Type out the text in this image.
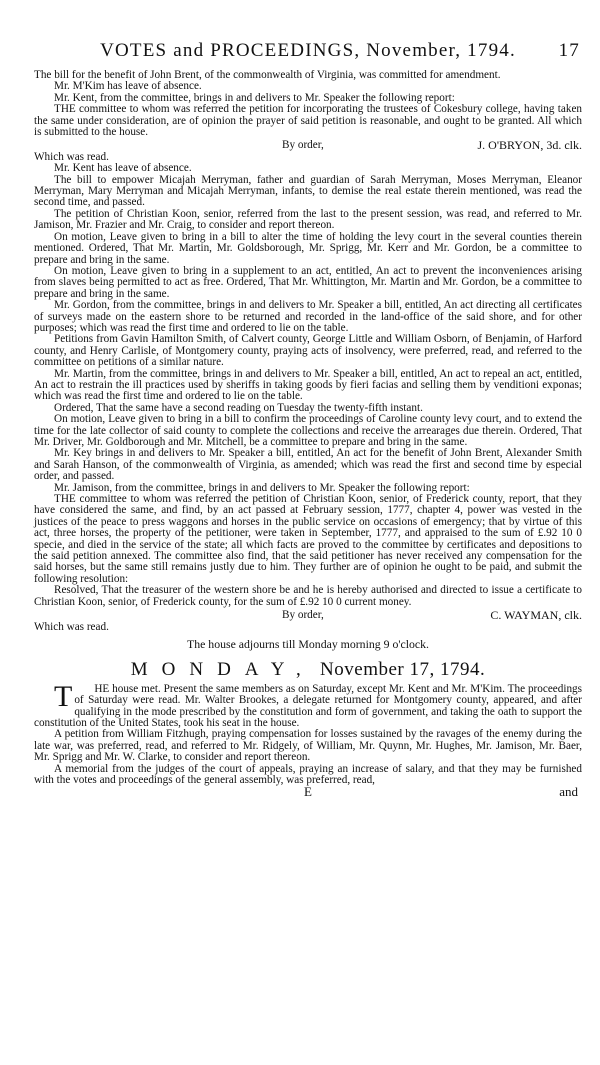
VOTES and PROCEEDINGS, November, 1794. 17

The bill for the benefit of John Brent, of the commonwealth of Virginia, was committed for amendment.

Mr. M'Kim has leave of absence.

Mr. Kent, from the committee, brings in and delivers to Mr. Speaker the following report:

THE committee to whom was referred the petition for incorporating the trustees of Cokesbury college, having taken the same under consideration, are of opinion the prayer of said petition is reasonable, and ought to be granted. All which is submitted to the house.

By order,	J. O'BRYON, 3d. clk.

Which was read.

Mr. Kent has leave of absence.

The bill to empower Micajah Merryman, father and guardian of Sarah Merryman, Moses Merryman, Eleanor Merryman, Mary Merryman and Micajah Merryman, infants, to demise the real estate therein mentioned, was read the second time, and passed.

The petition of Christian Koon, senior, referred from the last to the present session, was read, and referred to Mr. Jamison, Mr. Frazier and Mr. Craig, to consider and report thereon.

On motion, Leave given to bring in a bill to alter the time of holding the levy court in the several counties therein mentioned. Ordered, That Mr. Martin, Mr. Goldsborough, Mr. Sprigg, Mr. Kerr and Mr. Gordon, be a committee to prepare and bring in the same.

On motion, Leave given to bring in a supplement to an act, entitled, An act to prevent the inconveniences arising from slaves being permitted to act as free. Ordered, That Mr. Whittington, Mr. Martin and Mr. Gordon, be a committee to prepare and bring in the same.

Mr. Gordon, from the committee, brings in and delivers to Mr. Speaker a bill, entitled, An act directing all certificates of surveys made on the eastern shore to be returned and recorded in the land-office of the said shore, and for other purposes; which was read the first time and ordered to lie on the table.

Petitions from Gavin Hamilton Smith, of Calvert county, George Little and William Osborn, of Benjamin, of Harford county, and Henry Carlisle, of Montgomery county, praying acts of insolvency, were preferred, read, and referred to the committee on petitions of a similar nature.

Mr. Martin, from the committee, brings in and delivers to Mr. Speaker a bill, entitled, An act to repeal an act, entitled, An act to restrain the ill practices used by sheriffs in taking goods by fieri facias and selling them by venditioni exponas; which was read the first time and ordered to lie on the table.

Ordered, That the same have a second reading on Tuesday the twenty-fifth instant.

On motion, Leave given to bring in a bill to confirm the proceedings of Caroline county levy court, and to extend the time for the late collector of said county to complete the collections and receive the arrearages due therein. Ordered, That Mr. Driver, Mr. Goldborough and Mr. Mitchell, be a committee to prepare and bring in the same.

Mr. Key brings in and delivers to Mr. Speaker a bill, entitled, An act for the benefit of John Brent, Alexander Smith and Sarah Hanson, of the commonwealth of Virginia, as amended; which was read the first and second time by especial order, and passed.

Mr. Jamison, from the committee, brings in and delivers to Mr. Speaker the following report:

THE committee to whom was referred the petition of Christian Koon, senior, of Frederick county, report, that they have considered the same, and find, by an act passed at February session, 1777, chapter 4, power was vested in the justices of the peace to press waggons and horses in the public service on occasions of emergency; that by virtue of this act, three horses, the property of the petitioner, were taken in September, 1777, and appraised to the sum of £.92 10 0 specie, and died in the service of the state; all which facts are proved to the committee by certificates and depositions to the said petition annexed. The committee also find, that the said petitioner has never received any compensation for the said horses, but the same still remains justly due to him. They further are of opinion he ought to be paid, and submit the following resolution:

Resolved, That the treasurer of the western shore be and he is hereby authorised and directed to issue a certificate to Christian Koon, senior, of Frederick county, for the sum of £.92 10 0 current money.

By order,	C. WAYMAN, clk.

Which was read.

The house adjourns till Monday morning 9 o'clock.
MONDAY, November 17, 1794.

T HE house met. Present the same members as on Saturday, except Mr. Kent and Mr. M'Kim. The proceedings of Saturday were read. Mr. Walter Brookes, a delegate returned for Montgomery county, appeared, and after qualifying in the mode prescribed by the constitution and form of government, and taking the oath to support the constitution of the United States, took his seat in the house.

A petition from William Fitzhugh, praying compensation for losses sustained by the ravages of the enemy during the late war, was preferred, read, and referred to Mr. Ridgely, of William, Mr. Quynn, Mr. Hughes, Mr. Jamison, Mr. Baer, Mr. Sprigg and Mr. W. Clarke, to consider and report thereon.

A memorial from the judges of the court of appeals, praying an increase of salary, and that they may be furnished with the votes and proceedings of the general assembly, was preferred, read,

E	and
